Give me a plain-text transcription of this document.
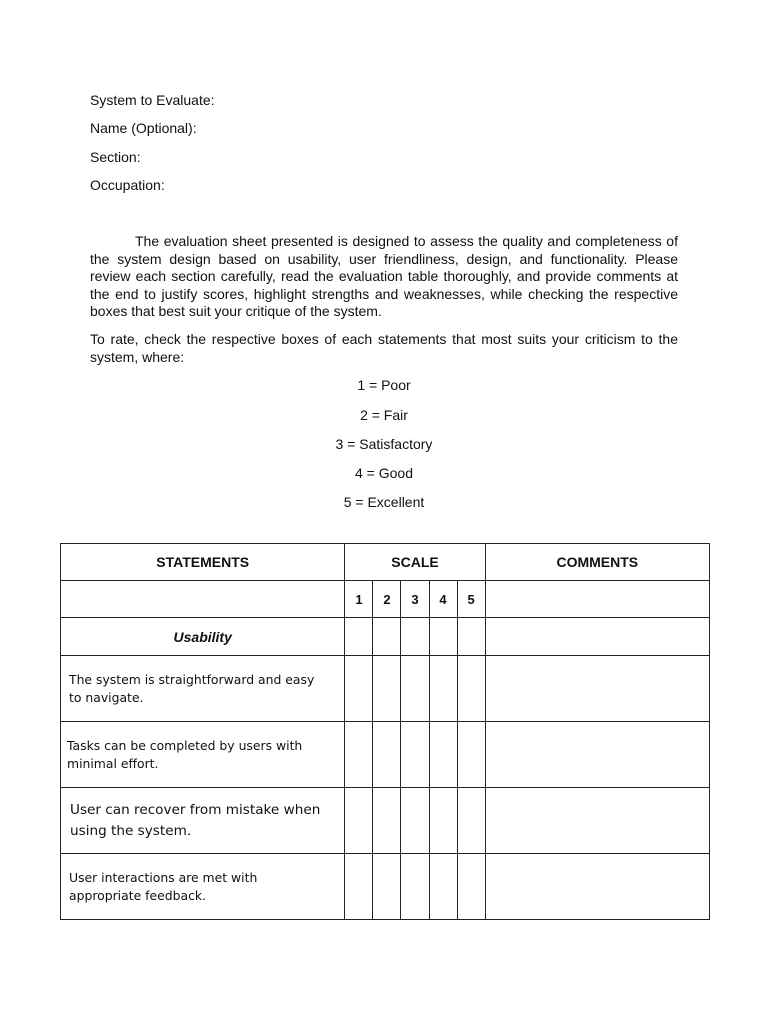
System to Evaluate:
Name (Optional):
Section:
Occupation:

The evaluation sheet presented is designed to assess the quality and completeness of the system design based on usability, user friendliness, design, and functionality. Please review each section carefully, read the evaluation table thoroughly, and provide comments at the end to justify scores, highlight strengths and weaknesses, while checking the respective boxes that best suit your critique of the system.

To rate, check the respective boxes of each statements that most suits your criticism to the system, where:

1 = Poor
2 = Fair
3 = Satisfactory
4 = Good
5 = Excellent
STATEMENTS	SCALE					COMMENTS
	1	2	3	4	5	
Usability						

The system is straightforward and easy to navigate.						

Tasks can be completed by users with minimal effort.						

User can recover from mistake when using the system.						

User interactions are met with appropriate feedback.						
